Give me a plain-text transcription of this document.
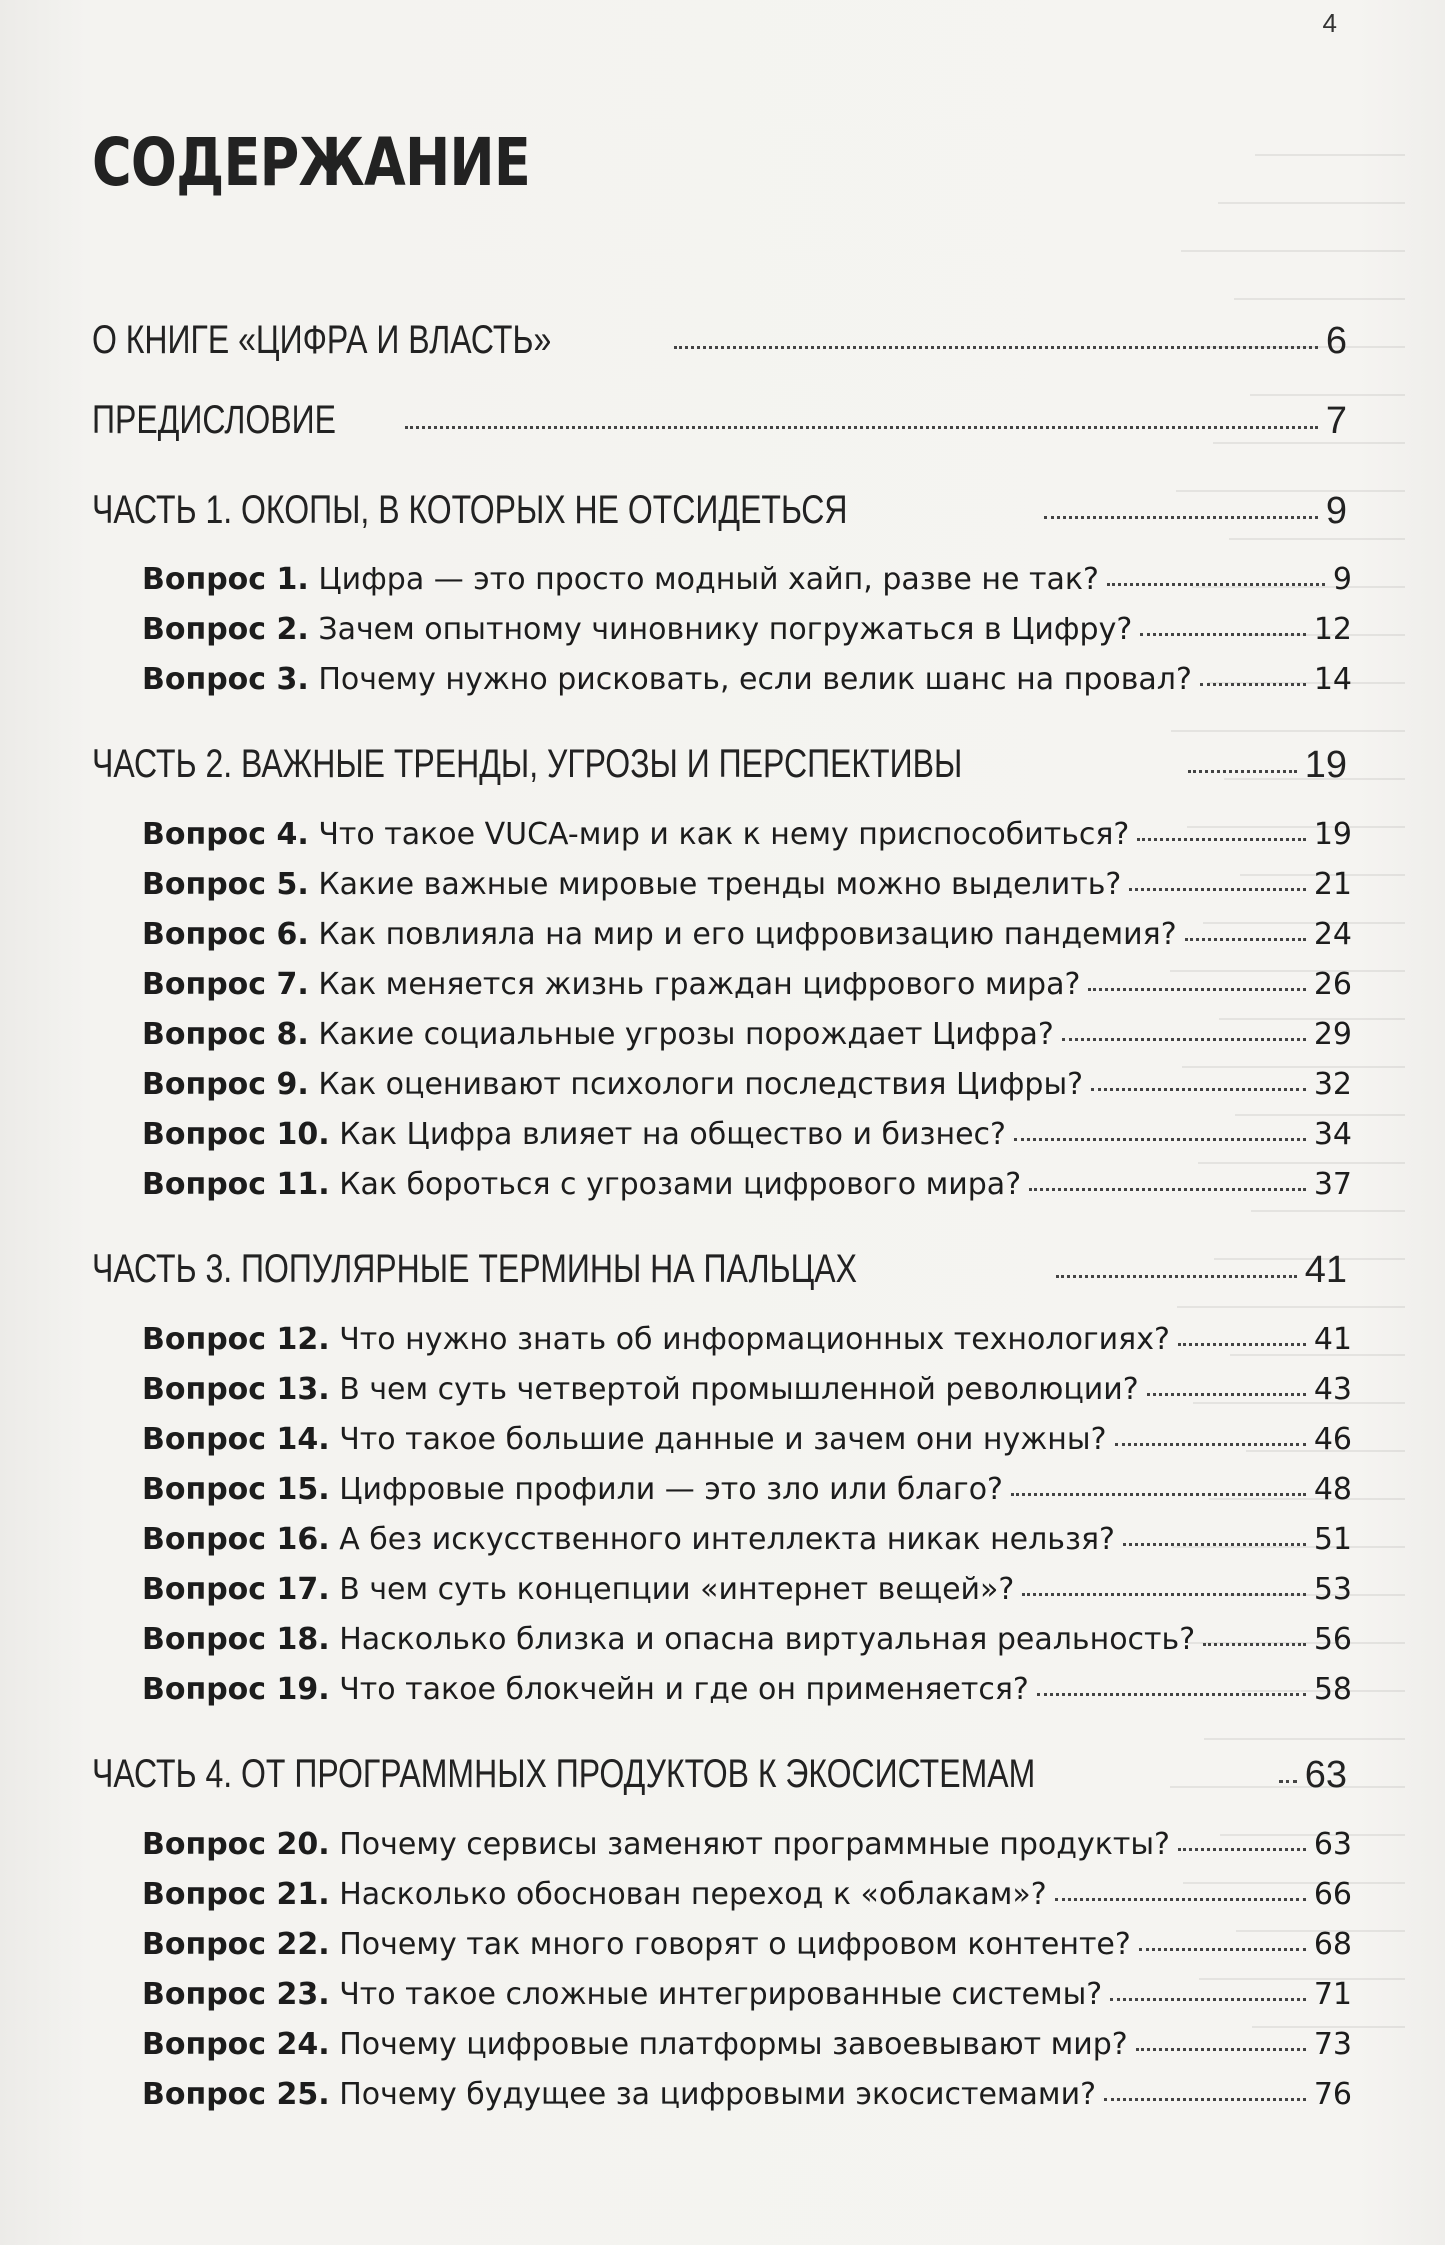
4
СОДЕРЖАНИЕ
О КНИГЕ «ЦИФРА И ВЛАСТЬ»	6
ПРЕДИСЛОВИЕ	7
ЧАСТЬ 1. ОКОПЫ, В КОТОРЫХ НЕ ОТСИДЕТЬСЯ	9
Вопрос 1. Цифра — это просто модный хайп, разве не так?	9
Вопрос 2. Зачем опытному чиновнику погружаться в Цифру?	12
Вопрос 3. Почему нужно рисковать, если велик шанс на провал?	14
ЧАСТЬ 2. ВАЖНЫЕ ТРЕНДЫ, УГРОЗЫ И ПЕРСПЕКТИВЫ	19
Вопрос 4. Что такое VUCA-мир и как к нему приспособиться?	19
Вопрос 5. Какие важные мировые тренды можно выделить?	21
Вопрос 6. Как повлияла на мир и его цифровизацию пандемия?	24
Вопрос 7. Как меняется жизнь граждан цифрового мира?	26
Вопрос 8. Какие социальные угрозы порождает Цифра?	29
Вопрос 9. Как оценивают психологи последствия Цифры?	32
Вопрос 10. Как Цифра влияет на общество и бизнес?	34
Вопрос 11. Как бороться с угрозами цифрового мира?	37
ЧАСТЬ 3. ПОПУЛЯРНЫЕ ТЕРМИНЫ НА ПАЛЬЦАХ	41
Вопрос 12. Что нужно знать об информационных технологиях?	41
Вопрос 13. В чем суть четвертой промышленной революции?	43
Вопрос 14. Что такое большие данные и зачем они нужны?	46
Вопрос 15. Цифровые профили — это зло или благо?	48
Вопрос 16. А без искусственного интеллекта никак нельзя?	51
Вопрос 17. В чем суть концепции «интернет вещей»?	53
Вопрос 18. Насколько близка и опасна виртуальная реальность?	56
Вопрос 19. Что такое блокчейн и где он применяется?	58
ЧАСТЬ 4. ОТ ПРОГРАММНЫХ ПРОДУКТОВ К ЭКОСИСТЕМАМ	63
Вопрос 20. Почему сервисы заменяют программные продукты?	63
Вопрос 21. Насколько обоснован переход к «облакам»?	66
Вопрос 22. Почему так много говорят о цифровом контенте?	68
Вопрос 23. Что такое сложные интегрированные системы?	71
Вопрос 24. Почему цифровые платформы завоевывают мир?	73
Вопрос 25. Почему будущее за цифровыми экосистемами?	76
